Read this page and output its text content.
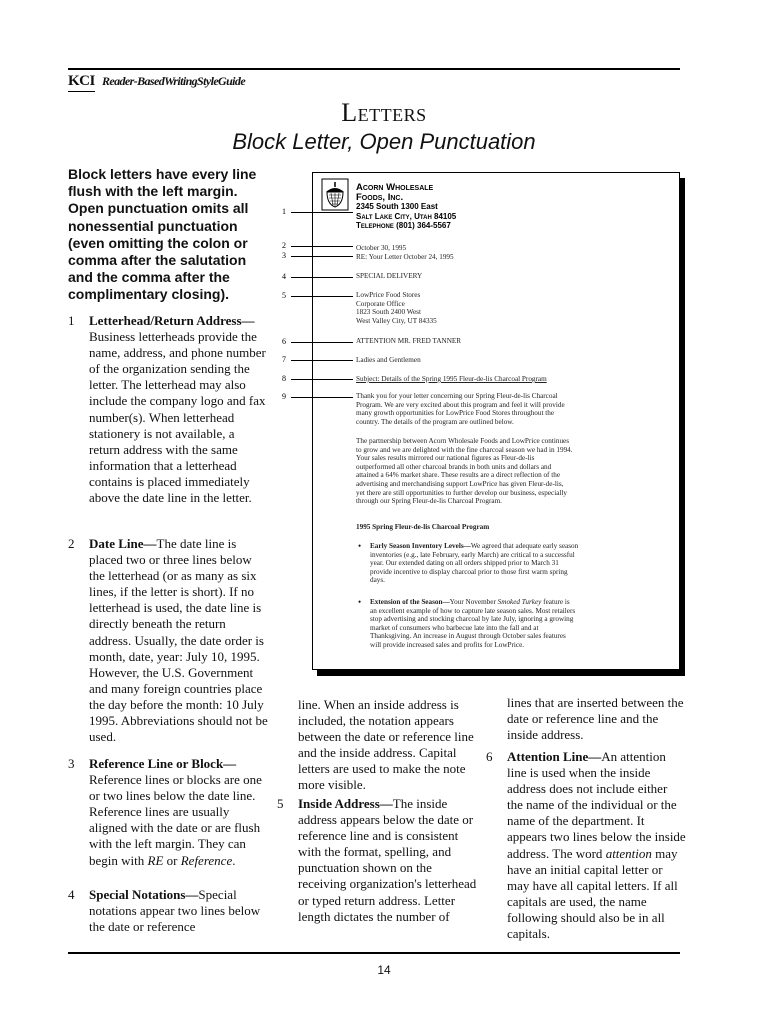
KCI Reader-BasedWritingStyleGuide
Letters
Block Letter, Open Punctuation
Block letters have every line flush with the left margin. Open punctuation omits all nonessential punctuation (even omitting the colon or comma after the salutation and the comma after the complimentary closing).
1 Letterhead/Return Address—Business letterheads provide the name, address, and phone number of the organization sending the letter. The letterhead may also include the company logo and fax number(s). When letterhead stationery is not available, a return address with the same information that a letterhead contains is placed immediately above the date line in the letter.
2 Date Line—The date line is placed two or three lines below the letterhead (or as many as six lines, if the letter is short). If no letterhead is used, the date line is directly beneath the return address. Usually, the date order is month, date, year: July 10, 1995. However, the U.S. Government and many foreign countries place the day before the month: 10 July 1995. Abbreviations should not be used.
3 Reference Line or Block—Reference lines or blocks are one or two lines below the date line. Reference lines are usually aligned with the date or are flush with the left margin. They can begin with RE or Reference.
4 Special Notations—Special notations appear two lines below the date or reference
line. When an inside address is included, the notation appears between the date or reference line and the inside address. Capital letters are used to make the note more visible.
5 Inside Address—The inside address appears below the date or reference line and is consistent with the format, spelling, and punctuation shown on the receiving organization's letterhead or typed return address. Letter length dictates the number of
lines that are inserted between the date or reference line and the inside address.
6 Attention Line—An attention line is used when the inside address does not include either the name of the individual or the name of the department. It appears two lines below the inside address. The word attention may have an initial capital letter or may have all capital letters. If all capitals are used, the name following should also be in all capitals.
Acorn Wholesale
Foods, Inc.
2345 South 1300 East
Salt Lake City, Utah 84105
Telephone (801) 364-5567
October 30, 1995
RE: Your Letter October 24, 1995
SPECIAL DELIVERY
LowPrice Food Stores
Corporate Office
1823 South 2400 West
West Valley City, UT 84335
ATTENTION MR. FRED TANNER
Ladies and Gentlemen
Subject: Details of the Spring 1995 Fleur-de-lis Charcoal Program
Thank you for your letter concerning our Spring Fleur-de-lis Charcoal
Program. We are very excited about this program and feel it will provide
many growth opportunities for LowPrice Food Stores throughout the
country. The details of the program are outlined below.
The partnership between Acorn Wholesale Foods and LowPrice continues
to grow and we are delighted with the fine charcoal season we had in 1994.
Your sales results mirrored our national figures as Fleur-de-lis
outperformed all other charcoal brands in both units and dollars and
attained a 64% market share. These results are a direct reflection of the
advertising and merchandising support LowPrice has given Fleur-de-lis,
yet there are still opportunities to further develop our business, especially
through our Spring Fleur-de-lis Charcoal Program.
1995 Spring Fleur-de-lis Charcoal Program
• Early Season Inventory Levels—We agreed that adequate early season
inventories (e.g., late February, early March) are critical to a successful
year. Our extended dating on all orders shipped prior to March 31
provide incentive to display charcoal prior to those first warm spring
days.
• Extension of the Season—Your November Smoked Turkey feature is
an excellent example of how to capture late season sales. Most retailers
stop advertising and stocking charcoal by late July, ignoring a growing
market of consumers who barbecue late into the fall and at
Thanksgiving. An increase in August through October sales features
will provide increased sales and profits for LowPrice.
1
2
3
4
5
6
7
8
9
14
